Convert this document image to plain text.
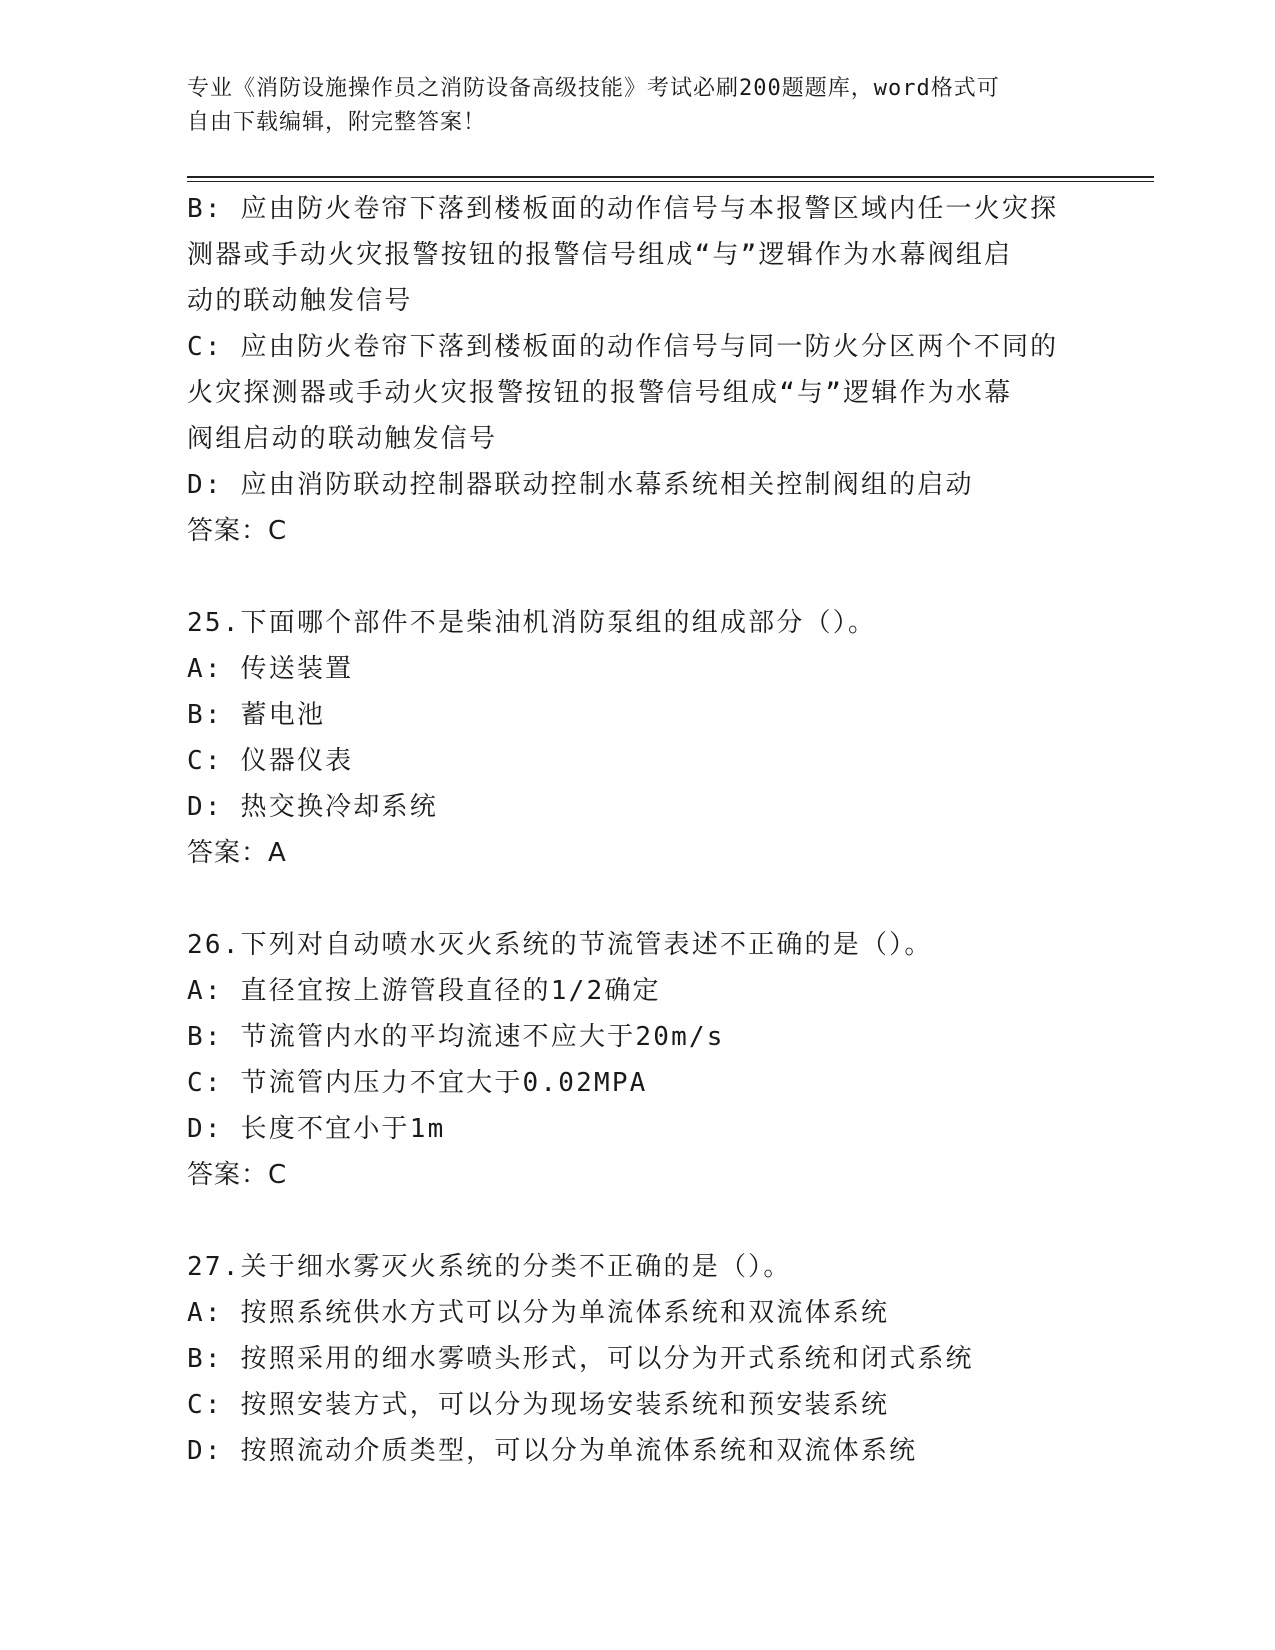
专业《消防设施操作员之消防设备高级技能》考试必刷200题题库，word格式可
自由下载编辑，附完整答案！
B: 应由防火卷帘下落到楼板面的动作信号与本报警区域内任一火灾探
测器或手动火灾报警按钮的报警信号组成“与”逻辑作为水幕阀组启
动的联动触发信号
C: 应由防火卷帘下落到楼板面的动作信号与同一防火分区两个不同的
火灾探测器或手动火灾报警按钮的报警信号组成“与”逻辑作为水幕
阀组启动的联动触发信号
D: 应由消防联动控制器联动控制水幕系统相关控制阀组的启动
答案：C
25.下面哪个部件不是柴油机消防泵组的组成部分（）。
A: 传送装置
B: 蓄电池
C: 仪器仪表
D: 热交换冷却系统
答案：A
26.下列对自动喷水灭火系统的节流管表述不正确的是（）。
A: 直径宜按上游管段直径的1/2确定
B: 节流管内水的平均流速不应大于20m/s
C: 节流管内压力不宜大于0.02MPA
D: 长度不宜小于1m
答案：C
27.关于细水雾灭火系统的分类不正确的是（）。
A: 按照系统供水方式可以分为单流体系统和双流体系统
B: 按照采用的细水雾喷头形式，可以分为开式系统和闭式系统
C: 按照安装方式，可以分为现场安装系统和预安装系统
D: 按照流动介质类型，可以分为单流体系统和双流体系统
